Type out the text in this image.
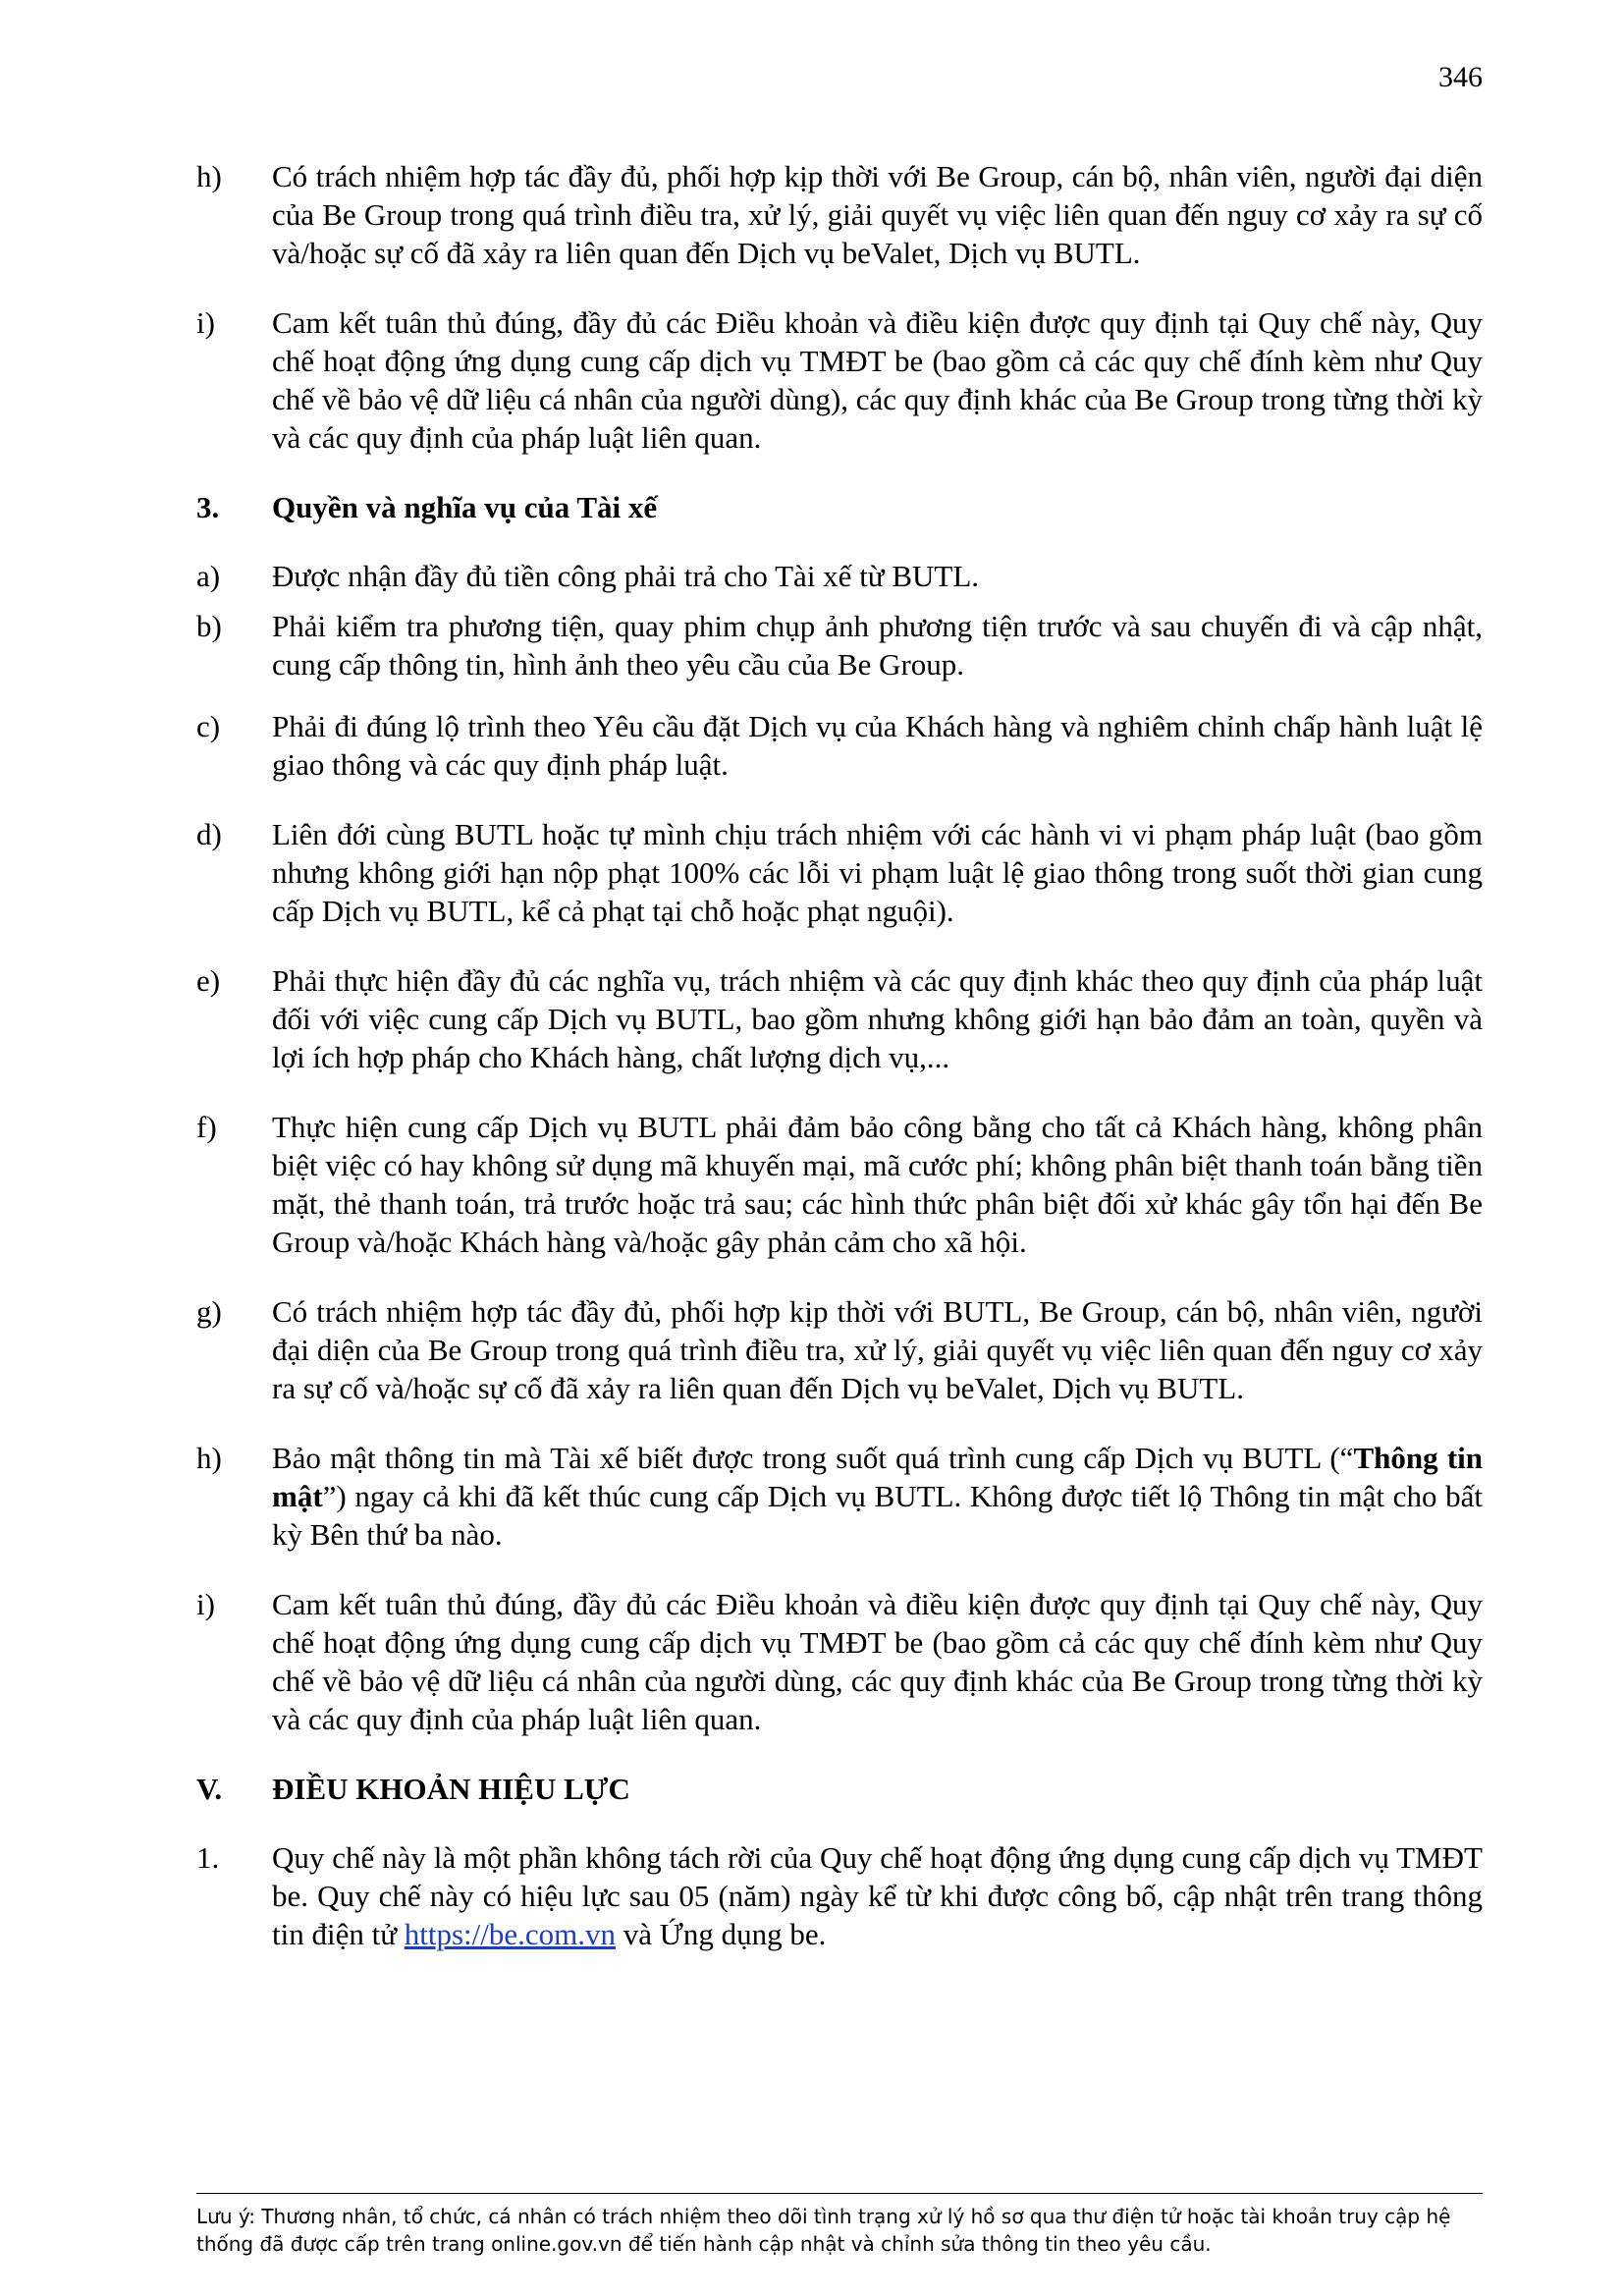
346

h) Có trách nhiệm hợp tác đầy đủ, phối hợp kịp thời với Be Group, cán bộ, nhân viên, người đại diện của Be Group trong quá trình điều tra, xử lý, giải quyết vụ việc liên quan đến nguy cơ xảy ra sự cố và/hoặc sự cố đã xảy ra liên quan đến Dịch vụ beValet, Dịch vụ BUTL.

i) Cam kết tuân thủ đúng, đầy đủ các Điều khoản và điều kiện được quy định tại Quy chế này, Quy chế hoạt động ứng dụng cung cấp dịch vụ TMĐT be (bao gồm cả các quy chế đính kèm như Quy chế về bảo vệ dữ liệu cá nhân của người dùng), các quy định khác của Be Group trong từng thời kỳ và các quy định của pháp luật liên quan.

3. Quyền và nghĩa vụ của Tài xế

a) Được nhận đầy đủ tiền công phải trả cho Tài xế từ BUTL.

b) Phải kiểm tra phương tiện, quay phim chụp ảnh phương tiện trước và sau chuyến đi và cập nhật, cung cấp thông tin, hình ảnh theo yêu cầu của Be Group.

c) Phải đi đúng lộ trình theo Yêu cầu đặt Dịch vụ của Khách hàng và nghiêm chỉnh chấp hành luật lệ giao thông và các quy định pháp luật.

d) Liên đới cùng BUTL hoặc tự mình chịu trách nhiệm với các hành vi vi phạm pháp luật (bao gồm nhưng không giới hạn nộp phạt 100% các lỗi vi phạm luật lệ giao thông trong suốt thời gian cung cấp Dịch vụ BUTL, kể cả phạt tại chỗ hoặc phạt nguội).

e) Phải thực hiện đầy đủ các nghĩa vụ, trách nhiệm và các quy định khác theo quy định của pháp luật đối với việc cung cấp Dịch vụ BUTL, bao gồm nhưng không giới hạn bảo đảm an toàn, quyền và lợi ích hợp pháp cho Khách hàng, chất lượng dịch vụ,...

f) Thực hiện cung cấp Dịch vụ BUTL phải đảm bảo công bằng cho tất cả Khách hàng, không phân biệt việc có hay không sử dụng mã khuyến mại, mã cước phí; không phân biệt thanh toán bằng tiền mặt, thẻ thanh toán, trả trước hoặc trả sau; các hình thức phân biệt đối xử khác gây tổn hại đến Be Group và/hoặc Khách hàng và/hoặc gây phản cảm cho xã hội.

g) Có trách nhiệm hợp tác đầy đủ, phối hợp kịp thời với BUTL, Be Group, cán bộ, nhân viên, người đại diện của Be Group trong quá trình điều tra, xử lý, giải quyết vụ việc liên quan đến nguy cơ xảy ra sự cố và/hoặc sự cố đã xảy ra liên quan đến Dịch vụ beValet, Dịch vụ BUTL.

h) Bảo mật thông tin mà Tài xế biết được trong suốt quá trình cung cấp Dịch vụ BUTL (“Thông tin mật”) ngay cả khi đã kết thúc cung cấp Dịch vụ BUTL. Không được tiết lộ Thông tin mật cho bất kỳ Bên thứ ba nào.

i) Cam kết tuân thủ đúng, đầy đủ các Điều khoản và điều kiện được quy định tại Quy chế này, Quy chế hoạt động ứng dụng cung cấp dịch vụ TMĐT be (bao gồm cả các quy chế đính kèm như Quy chế về bảo vệ dữ liệu cá nhân của người dùng, các quy định khác của Be Group trong từng thời kỳ và các quy định của pháp luật liên quan.

V. ĐIỀU KHOẢN HIỆU LỰC

1. Quy chế này là một phần không tách rời của Quy chế hoạt động ứng dụng cung cấp dịch vụ TMĐT be. Quy chế này có hiệu lực sau 05 (năm) ngày kể từ khi được công bố, cập nhật trên trang thông tin điện tử https://be.com.vn và Ứng dụng be.

Lưu ý: Thương nhân, tổ chức, cá nhân có trách nhiệm theo dõi tình trạng xử lý hồ sơ qua thư điện tử hoặc tài khoản truy cập hệ thống đã được cấp trên trang online.gov.vn để tiến hành cập nhật và chỉnh sửa thông tin theo yêu cầu.
